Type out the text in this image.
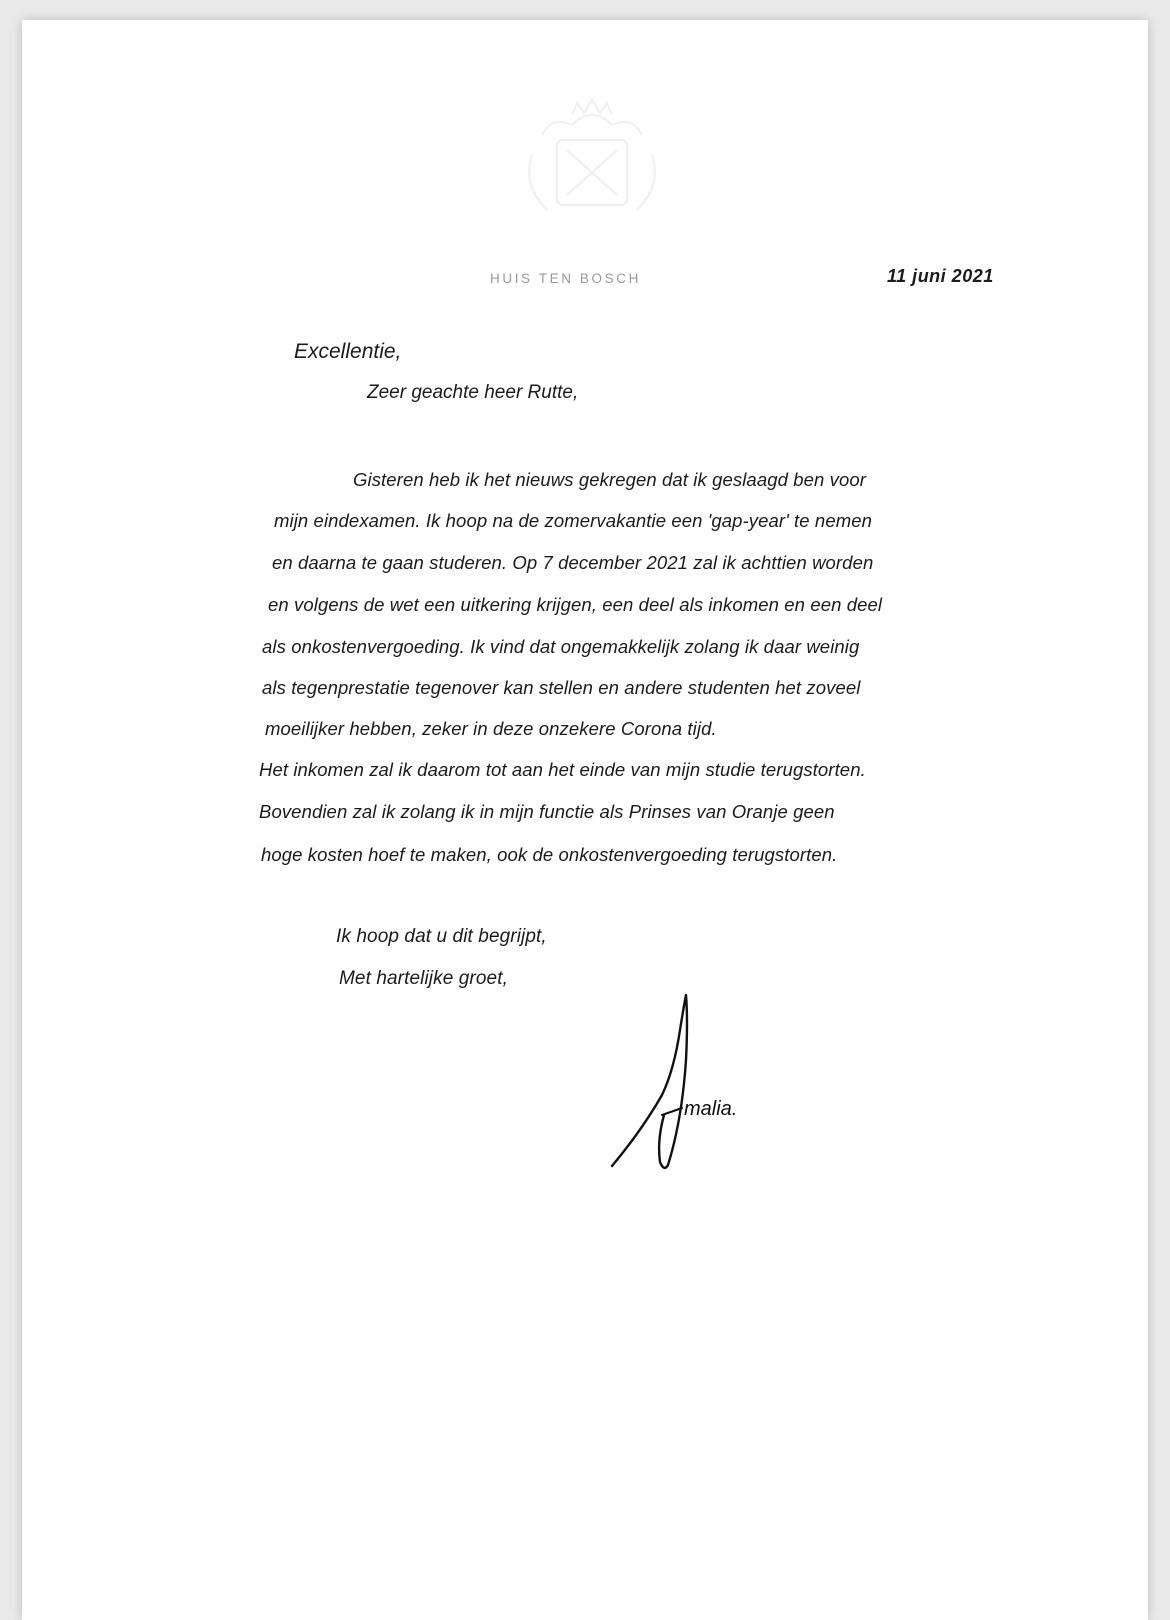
HUIS TEN BOSCH	11 juni 2021
Excellentie,
Zeer geachte heer Rutte,
Gisteren heb ik het nieuws gekregen dat ik geslaagd ben voor
mijn eindexamen. Ik hoop na de zomervakantie een 'gap-year' te nemen
en daarna te gaan studeren. Op 7 december 2021 zal ik achttien worden
en volgens de wet een uitkering krijgen, een deel als inkomen en een deel
als onkostenvergoeding. Ik vind dat ongemakkelijk zolang ik daar weinig
als tegenprestatie tegenover kan stellen en andere studenten het zoveel
moeilijker hebben, zeker in deze onzekere Corona tijd.
Het inkomen zal ik daarom tot aan het einde van mijn studie terugstorten.
Bovendien zal ik zolang ik in mijn functie als Prinses van Oranje geen
hoge kosten hoef te maken, ook de onkostenvergoeding terugstorten.
Ik hoop dat u dit begrijpt,
Met hartelijke groet,
malia.
